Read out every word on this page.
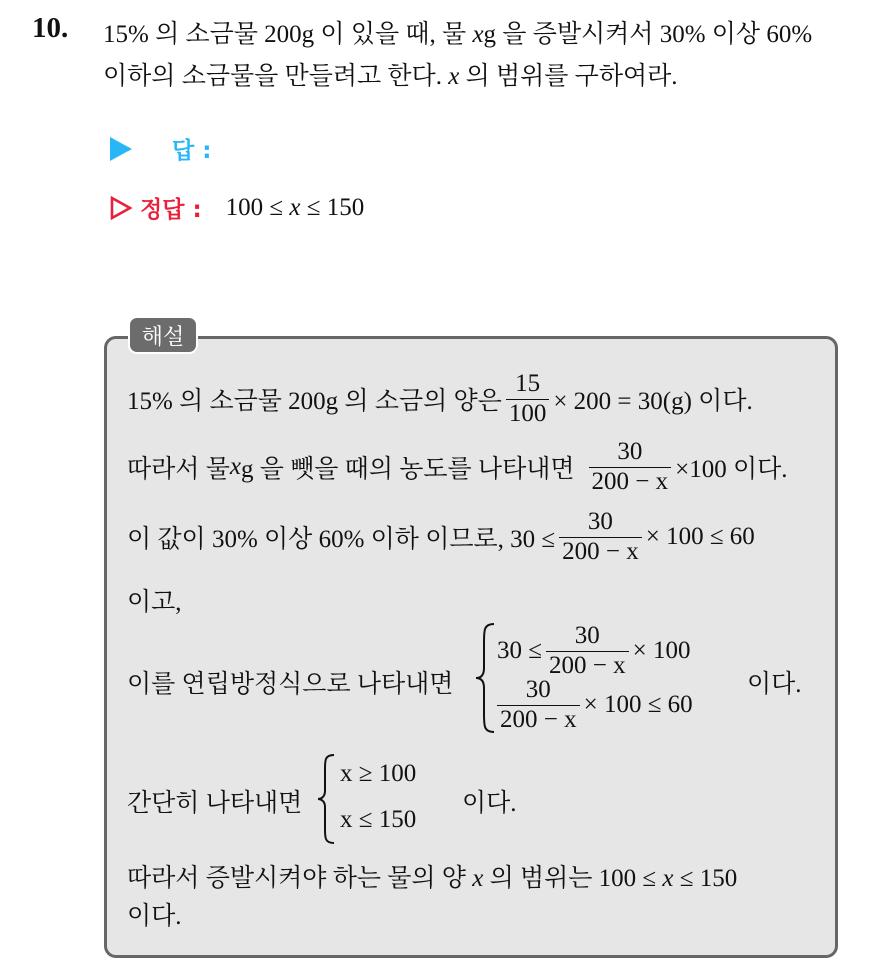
10. 15% 의 소금물 200g 이 있을 때, 물 xg 을 증발시켜서 30% 이상 60%
이하의 소금물을 만들려고 한다. x 의 범위를 구하여라.
답 :
정답 : 100 ≤ x ≤ 150
해설
15% 의 소금물 200g 의 소금의 양은 $\frac{15}{100} \times 200 = 30(g)$ 이다.
따라서 물 x g 을 뺏을 때의 농도를 나타내면 $\frac{30}{200 - x} \times 100$ 이다.
이 값이 30% 이상 60% 이하 이므로, $30 \le \frac{30}{200 - x} \times 100 \le 60$
이고,
이를 연립방정식으로 나타내면
$30 \le \frac{30}{200 - x} \times 100$
$\frac{30}{200 - x} \times 100 \le 60$
이다.
간단히 나타내면
x ≥ 100
x ≤ 150
이다.
따라서 증발시켜야 하는 물의 양 x 의 범위는 100 ≤ x ≤ 150
이다.
